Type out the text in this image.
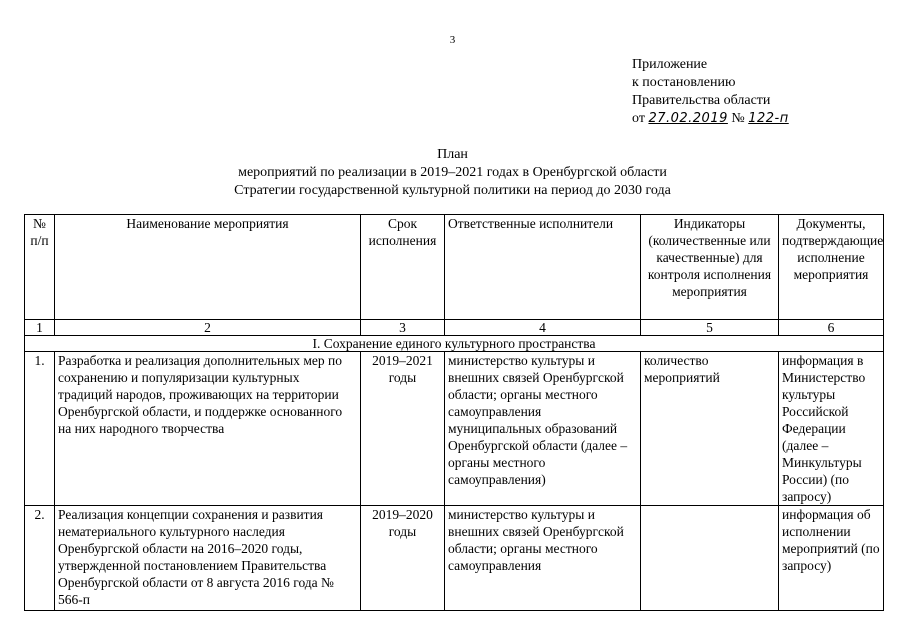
3
Приложение
к постановлению
Правительства области
от 27.02.2019 № 122-п
План
мероприятий по реализации в 2019–2021 годах в Оренбургской области
Стратегии государственной культурной политики на период до 2030 года
№ п/п	Наименование мероприятия	Срок исполнения	Ответственные исполнители	Индикаторы (количественные или качественные) для контроля исполнения мероприятия	Документы, подтверждающие исполнение мероприятия
1	2	3	4	5	6
I. Сохранение единого культурного пространства					
1.	Разработка и реализация дополнительных мер по сохранению и популяризации культурных традиций народов, проживающих на территории Оренбургской области, и поддержке основанного на них народного творчества	2019–2021 годы	министерство культуры и внешних связей Оренбургской области; органы местного самоуправления муниципальных образований Оренбургской области (далее – органы местного самоуправления)	количество мероприятий	информация в Министерство культуры Российской Федерации (далее – Минкультуры России) (по запросу)
2.	Реализация концепции сохранения и развития нематериального культурного наследия Оренбургской области на 2016–2020 годы, утвержденной постановлением Правительства Оренбургской области от 8 августа 2016 года № 566-п	2019–2020 годы	министерство культуры и внешних связей Оренбургской области; органы местного самоуправления		информация об исполнении мероприятий (по запросу)
